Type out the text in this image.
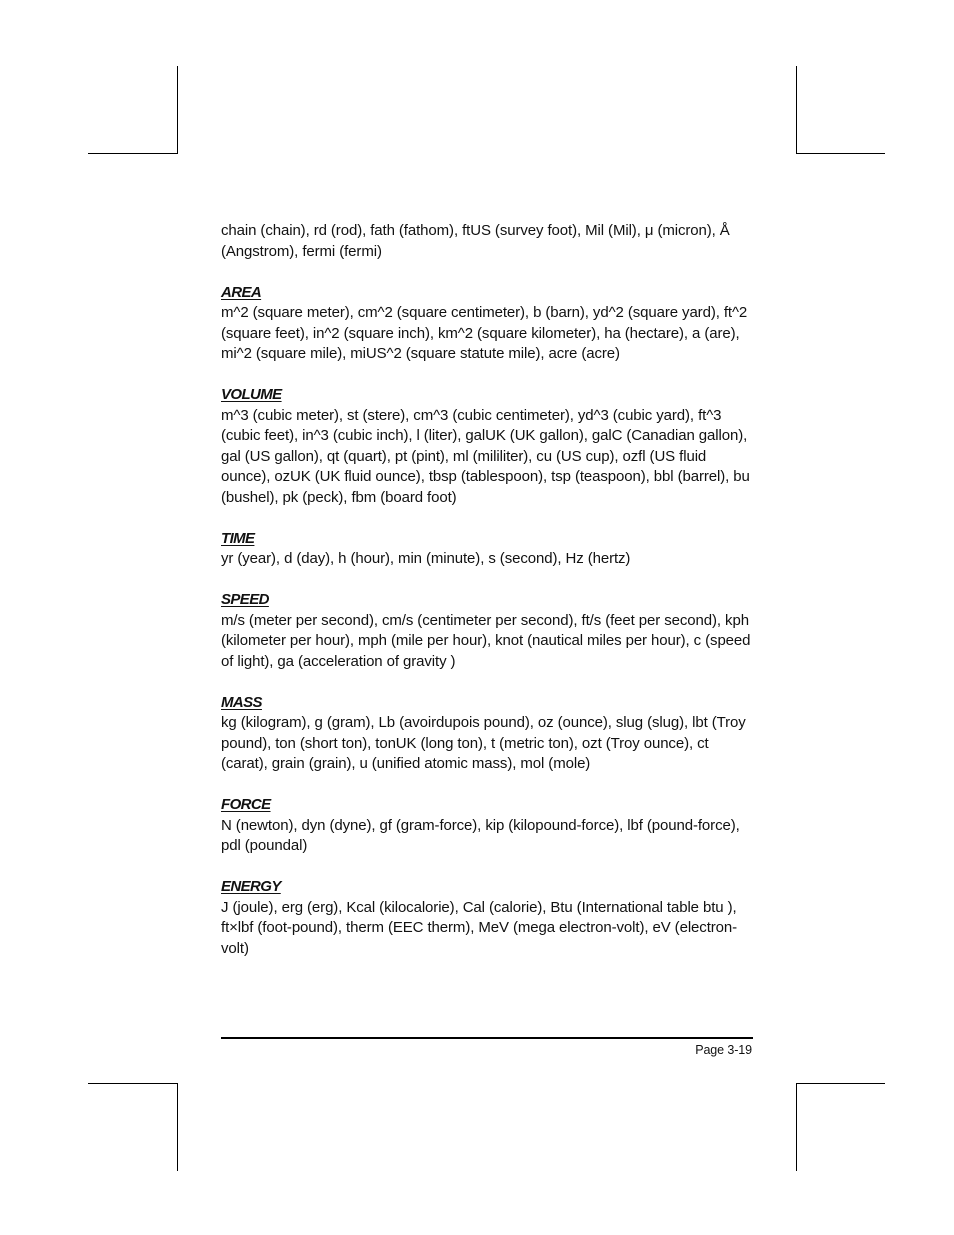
chain (chain), rd (rod), fath (fathom), ftUS (survey foot), Mil (Mil), μ (micron), Å (Angstrom), fermi (fermi)

AREA

m^2 (square meter), cm^2 (square centimeter), b (barn), yd^2 (square yard), ft^2 (square feet), in^2 (square inch), km^2 (square kilometer), ha (hectare), a (are), mi^2 (square mile), miUS^2 (square statute mile), acre (acre)

VOLUME

m^3 (cubic meter), st (stere), cm^3 (cubic centimeter), yd^3 (cubic yard), ft^3 (cubic feet), in^3 (cubic inch), l (liter), galUK (UK gallon), galC (Canadian gallon), gal (US gallon), qt (quart), pt (pint), ml (mililiter), cu (US cup), ozfl (US fluid ounce), ozUK (UK fluid ounce), tbsp (tablespoon), tsp (teaspoon), bbl (barrel), bu (bushel), pk (peck), fbm (board foot)

TIME

yr (year), d (day), h (hour), min (minute), s (second), Hz (hertz)

SPEED

m/s (meter per second), cm/s (centimeter per second), ft/s (feet per second), kph (kilometer per hour), mph (mile per hour), knot (nautical miles per hour), c (speed of light), ga (acceleration of gravity )

MASS

kg (kilogram), g (gram), Lb (avoirdupois pound), oz (ounce), slug (slug), lbt (Troy pound), ton (short ton), tonUK (long ton), t (metric ton), ozt (Troy ounce), ct (carat), grain (grain), u (unified atomic mass), mol (mole)

FORCE

N (newton), dyn (dyne), gf (gram-force), kip (kilopound-force), lbf (pound-force), pdl (poundal)

ENERGY

J (joule), erg (erg), Kcal (kilocalorie), Cal (calorie), Btu (International table btu ), ft×lbf (foot-pound), therm (EEC therm), MeV (mega electron-volt), eV (electron-volt)

Page 3-19
